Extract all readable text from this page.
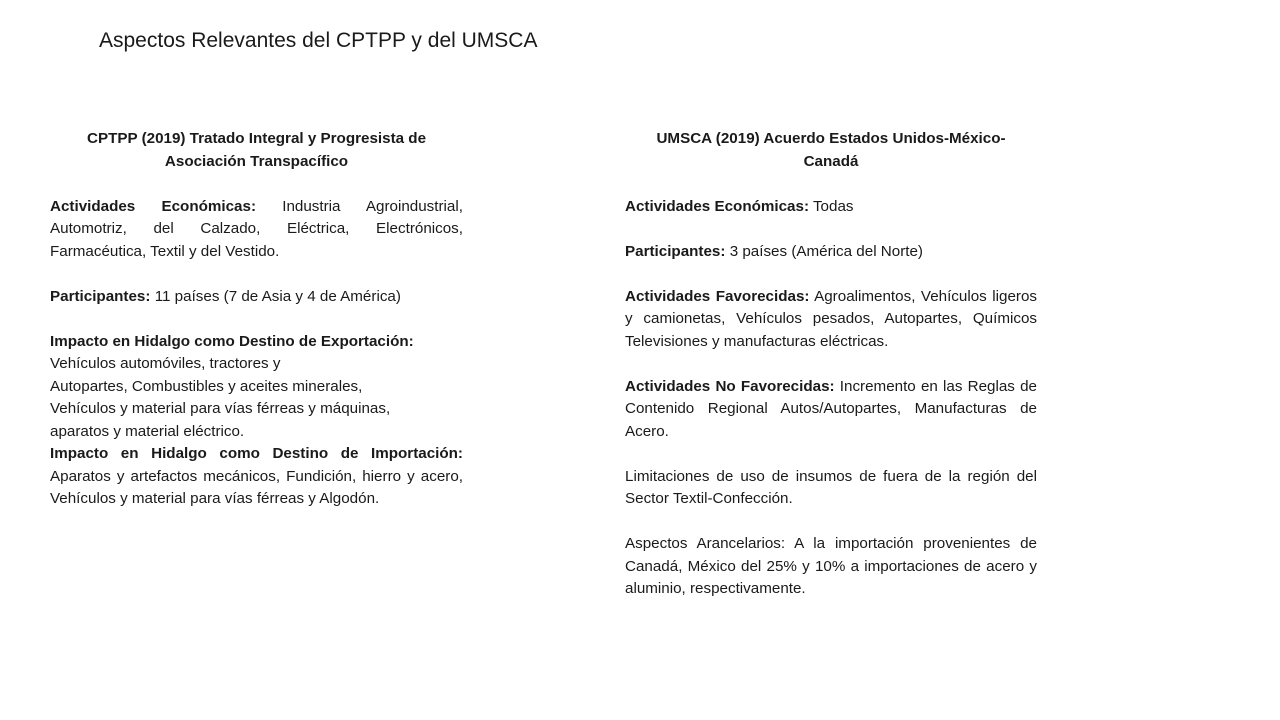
Aspectos Relevantes del CPTPP y del UMSCA

CPTPP (2019) Tratado Integral y Progresista de
Asociación Transpacífico

Actividades Económicas: Industria Agroindustrial, Automotriz, del Calzado, Eléctrica, Electrónicos, Farmacéutica, Textil y del Vestido.

Participantes: 11 países (7 de Asia y 4 de América)

Impacto en Hidalgo como Destino de Exportación:
Vehículos automóviles, tractores y
Autopartes, Combustibles y aceites minerales,
Vehículos y material para vías férreas y máquinas,
aparatos y material eléctrico.

Impacto en Hidalgo como Destino de Importación: Aparatos y artefactos mecánicos, Fundición, hierro y acero, Vehículos y material para vías férreas y Algodón.

UMSCA (2019) Acuerdo Estados Unidos-México-
Canadá

Actividades Económicas: Todas

Participantes: 3 países (América del Norte)

Actividades Favorecidas: Agroalimentos, Vehículos ligeros y camionetas, Vehículos pesados, Autopartes, Químicos Televisiones y manufacturas eléctricas.

Actividades No Favorecidas: Incremento en las Reglas de Contenido Regional Autos/Autopartes, Manufacturas de Acero.

Limitaciones de uso de insumos de fuera de la región del Sector Textil-Confección.

Aspectos Arancelarios: A la importación provenientes de Canadá, México del 25% y 10% a importaciones de acero y aluminio, respectivamente.
